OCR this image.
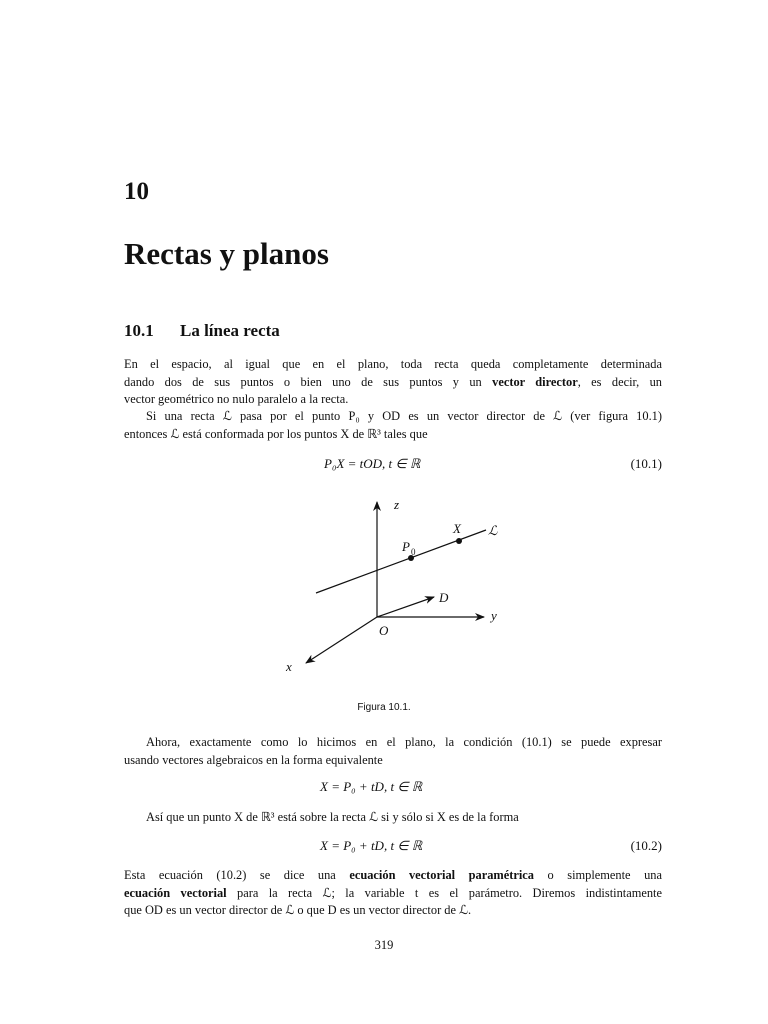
10
Rectas y planos
10.1 La línea recta
En el espacio, al igual que en el plano, toda recta queda completamente determinada
dando dos de sus puntos o bien uno de sus puntos y un vector director, es decir, un
vector geométrico no nulo paralelo a la recta.
Si una recta ℒ pasa por el punto P₀ y OD es un vector director de ℒ (ver figura 10.1)
entonces ℒ está conformada por los puntos X de ℝ³ tales que
P₀X = tOD, t ∈ ℝ	(10.1)
z
x
y
O
D
X
P 0
ℒ
Figura 10.1.
Ahora, exactamente como lo hicimos en el plano, la condición (10.1) se puede expresar
usando vectores algebraicos en la forma equivalente
X = P₀ + tD, t ∈ ℝ
Así que un punto X de ℝ³ está sobre la recta ℒ si y sólo si X es de la forma
X = P₀ + tD, t ∈ ℝ	(10.2)
Esta ecuación (10.2) se dice una ecuación vectorial paramétrica o simplemente una
ecuación vectorial para la recta ℒ; la variable t es el parámetro. Diremos indistintamente
que OD es un vector director de ℒ o que D es un vector director de ℒ.
319
